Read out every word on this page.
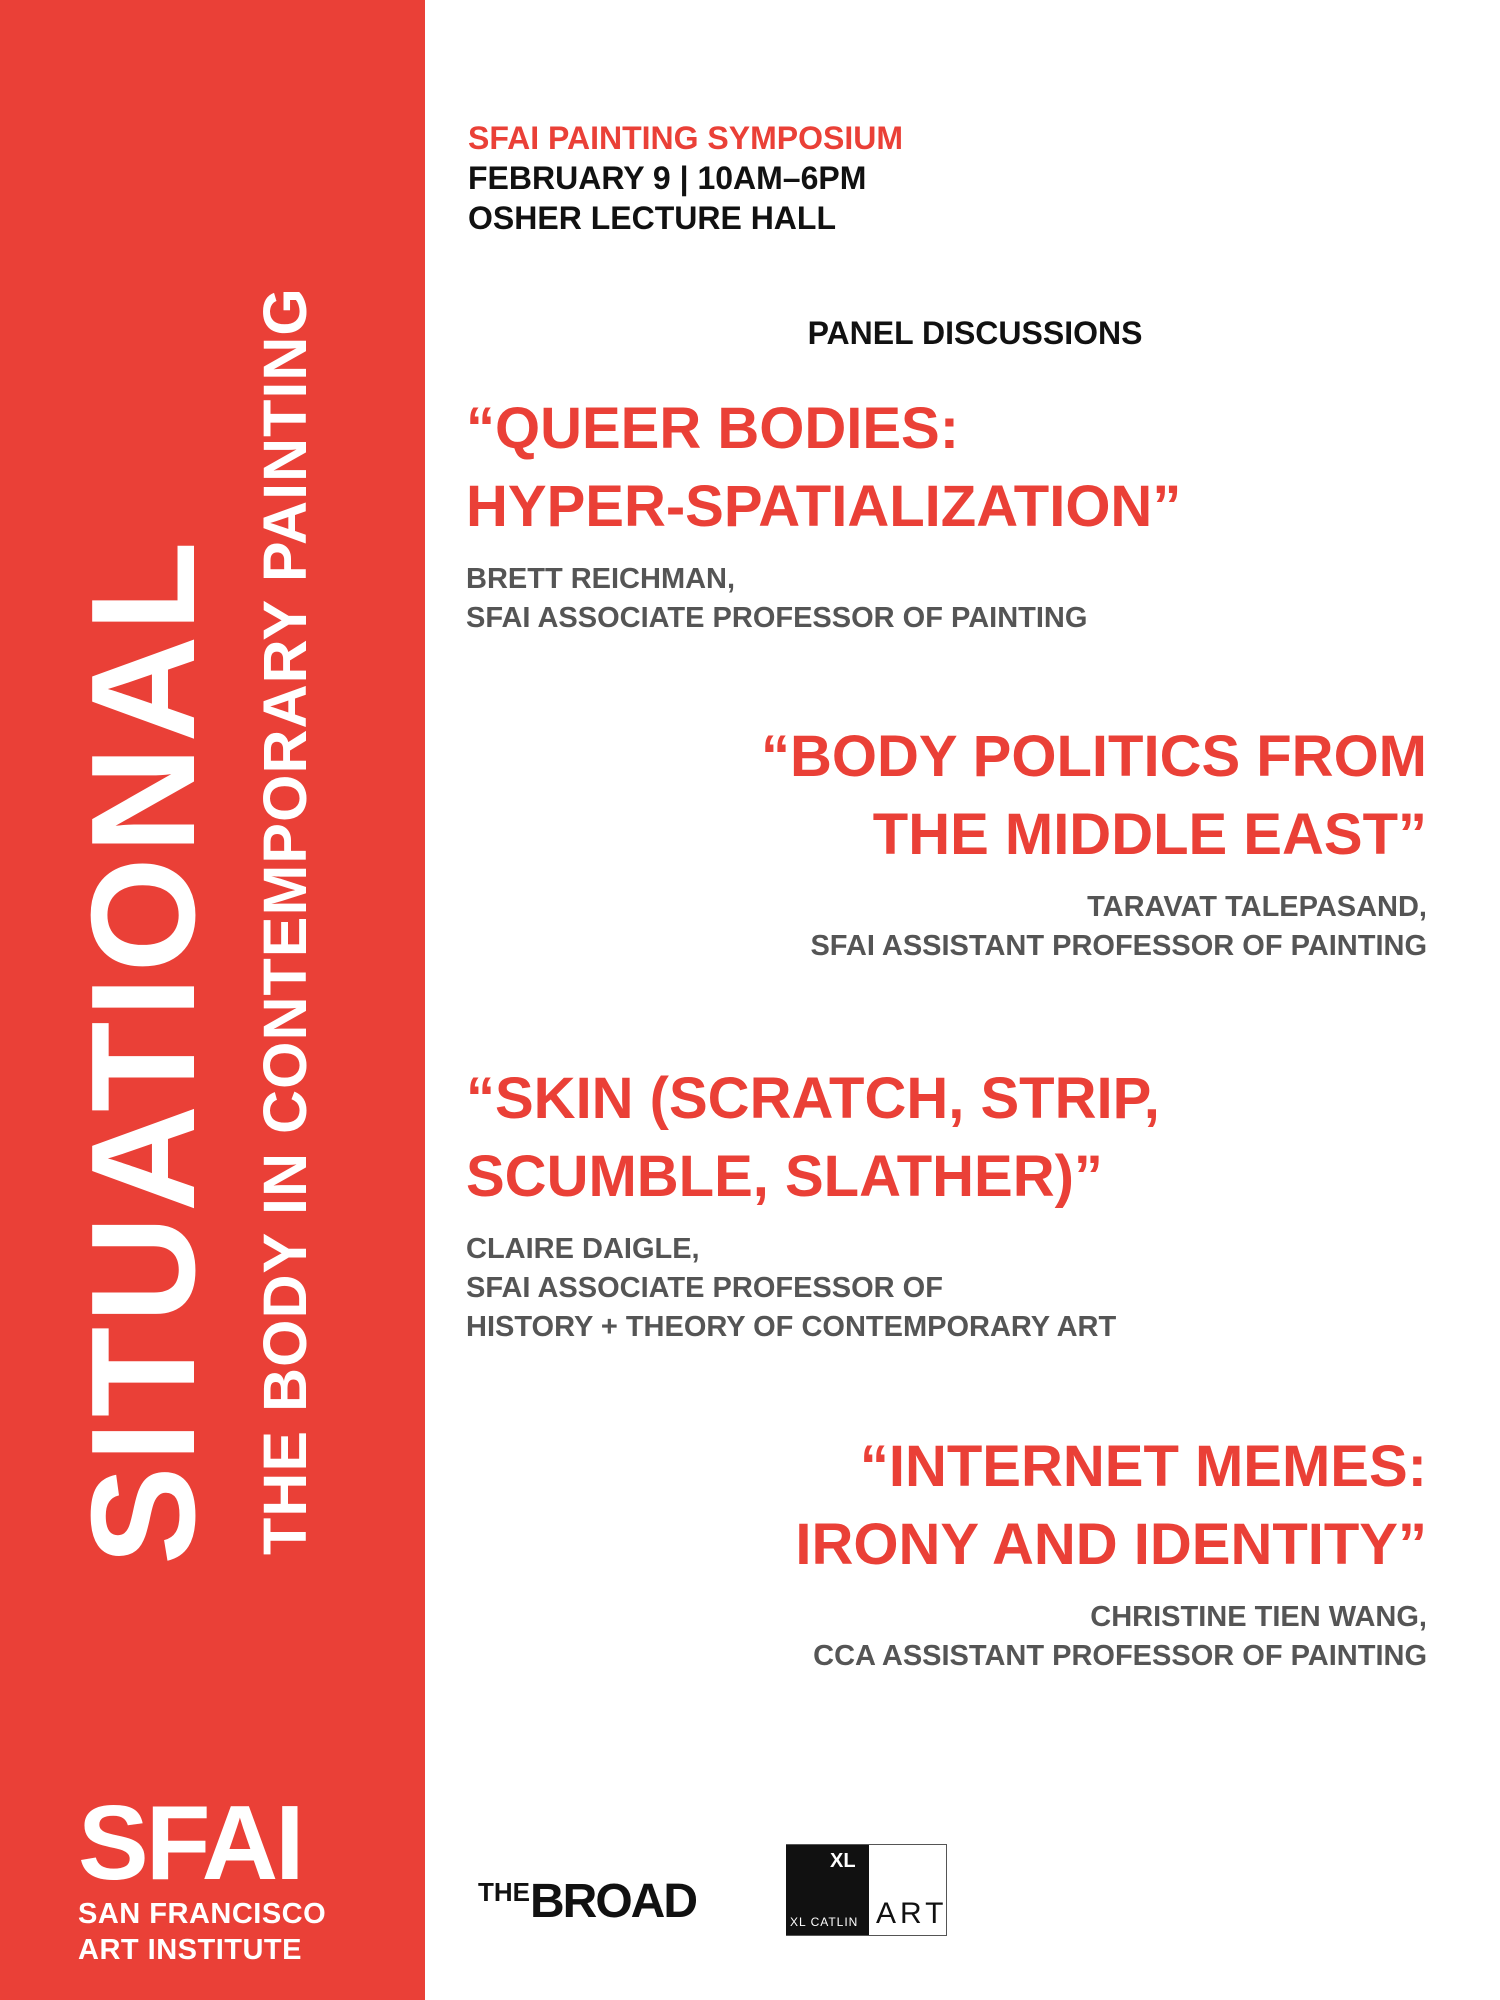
SITUATIONAL THE BODY IN CONTEMPORARY PAINTING
SFAI
SAN FRANCISCO
ART INSTITUTE
SFAI PAINTING SYMPOSIUM
FEBRUARY 9 | 10AM–6PM
OSHER LECTURE HALL
PANEL DISCUSSIONS
“QUEER BODIES:
HYPER-SPATIALIZATION”
BRETT REICHMAN,
SFAI ASSOCIATE PROFESSOR OF PAINTING
“BODY POLITICS FROM
THE MIDDLE EAST”
TARAVAT TALEPASAND,
SFAI ASSISTANT PROFESSOR OF PAINTING
“SKIN (SCRATCH, STRIP,
SCUMBLE, SLATHER)”
CLAIRE DAIGLE,
SFAI ASSOCIATE PROFESSOR OF
HISTORY + THEORY OF CONTEMPORARY ART
“INTERNET MEMES:
IRONY AND IDENTITY”
CHRISTINE TIEN WANG,
CCA ASSISTANT PROFESSOR OF PAINTING
$^{THE}$BROAD
XL
XL CATLIN ART
